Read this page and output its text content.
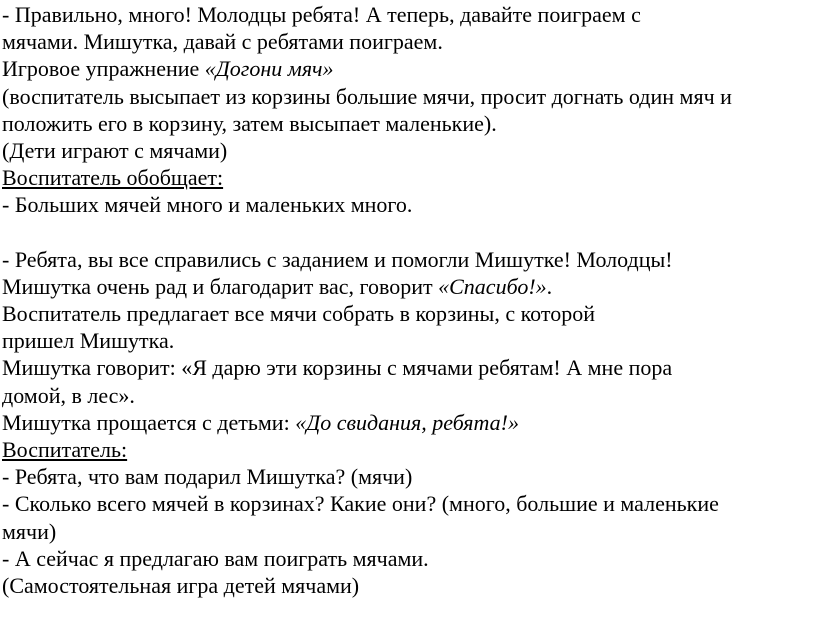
- Правильно, много! Молодцы ребята! А теперь, давайте поиграем с
мячами. Мишутка, давай с ребятами поиграем.
Игровое упражнение «Догони мяч»
(воспитатель высыпает из корзины большие мячи, просит догнать один мяч и
положить его в корзину, затем высыпает маленькие).
(Дети играют с мячами)
Воспитатель обобщает:
- Больших мячей много и маленьких много.
- Ребята, вы все справились с заданием и помогли Мишутке! Молодцы!
Мишутка очень рад и благодарит вас, говорит «Спасибо!».
Воспитатель предлагает все мячи собрать в корзины, с которой
пришел Мишутка.
Мишутка говорит: «Я дарю эти корзины с мячами ребятам! А мне пора
домой, в лес».
Мишутка прощается с детьми: «До свидания, ребята!»
Воспитатель:
- Ребята, что вам подарил Мишутка? (мячи)
- Сколько всего мячей в корзинах? Какие они? (много, большие и маленькие
мячи)
- А сейчас я предлагаю вам поиграть мячами.
(Самостоятельная игра детей мячами)
